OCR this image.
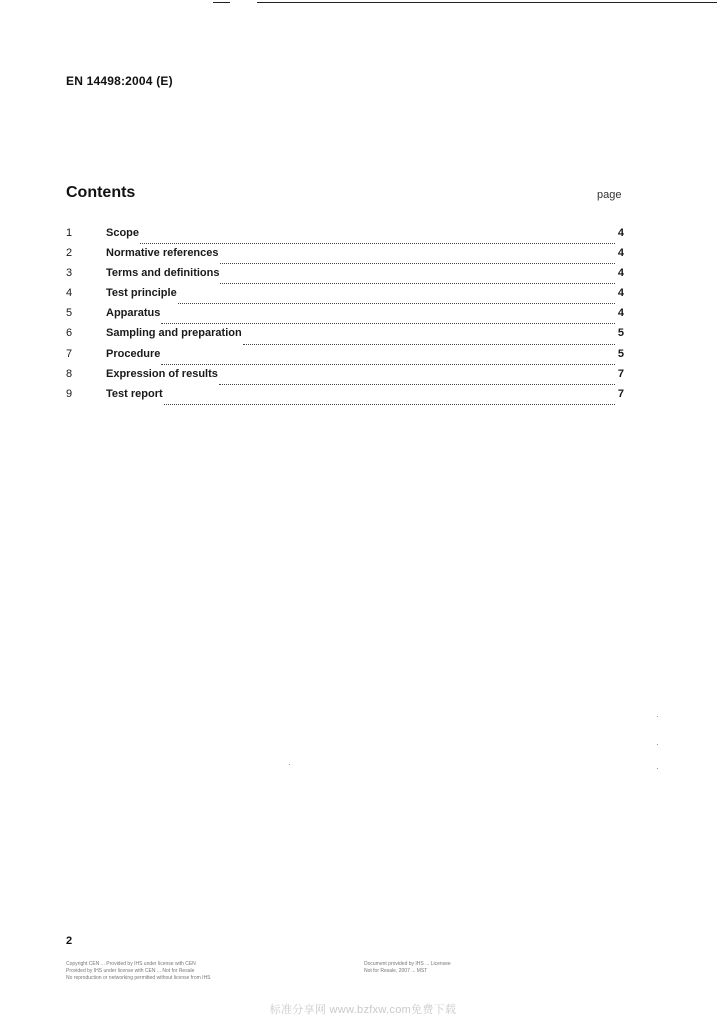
EN 14498:2004 (E)
Contents	page
1	Scope	4
2	Normative references	4
3	Terms and definitions	4
4	Test principle	4
5	Apparatus	4
6	Sampling and preparation	5
7	Procedure	5
8	Expression of results	7
9	Test report	7
2
Copyright CEN ... Provided by IHS under license with CEN
Provided by IHS under license with CEN ... Not for Resale
No reproduction or networking permitted without license from IHS
Document provided by IHS ... Licensee
Not for Resale, 2007 ... MST
标准分享网 www.bzfxw.com免费下载
